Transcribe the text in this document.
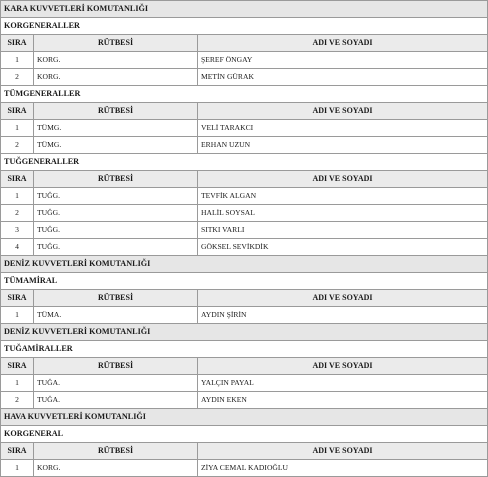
KARA KUVVETLERİ KOMUTANLIĞI		
KORGENERALLER		
SIRA	RÜTBESİ	ADI VE SOYADI
1	KORG.	ŞEREF ÖNGAY
2	KORG.	METİN GÜRAK
TÜMGENERALLER		
SIRA	RÜTBESİ	ADI VE SOYADI
1	TÜMG.	VELİ TARAKCI
2	TÜMG.	ERHAN UZUN
TUĞGENERALLER		
SIRA	RÜTBESİ	ADI VE SOYADI
1	TUĞG.	TEVFİK ALGAN
2	TUĞG.	HALİL SOYSAL
3	TUĞG.	SITKI VARLI
4	TUĞG.	GÖKSEL SEVİKDİK
DENİZ KUVVETLERİ KOMUTANLIĞI		
TÜMAMİRAL		
SIRA	RÜTBESİ	ADI VE SOYADI
1	TÜMA.	AYDIN ŞİRİN
DENİZ KUVVETLERİ KOMUTANLIĞI		
TUĞAMİRALLER		
SIRA	RÜTBESİ	ADI VE SOYADI
1	TUĞA.	YALÇIN PAYAL
2	TUĞA.	AYDIN EKEN
HAVA KUVVETLERİ KOMUTANLIĞI		
KORGENERAL		
SIRA	RÜTBESİ	ADI VE SOYADI
1	KORG.	ZİYA CEMAL KADIOĞLU
